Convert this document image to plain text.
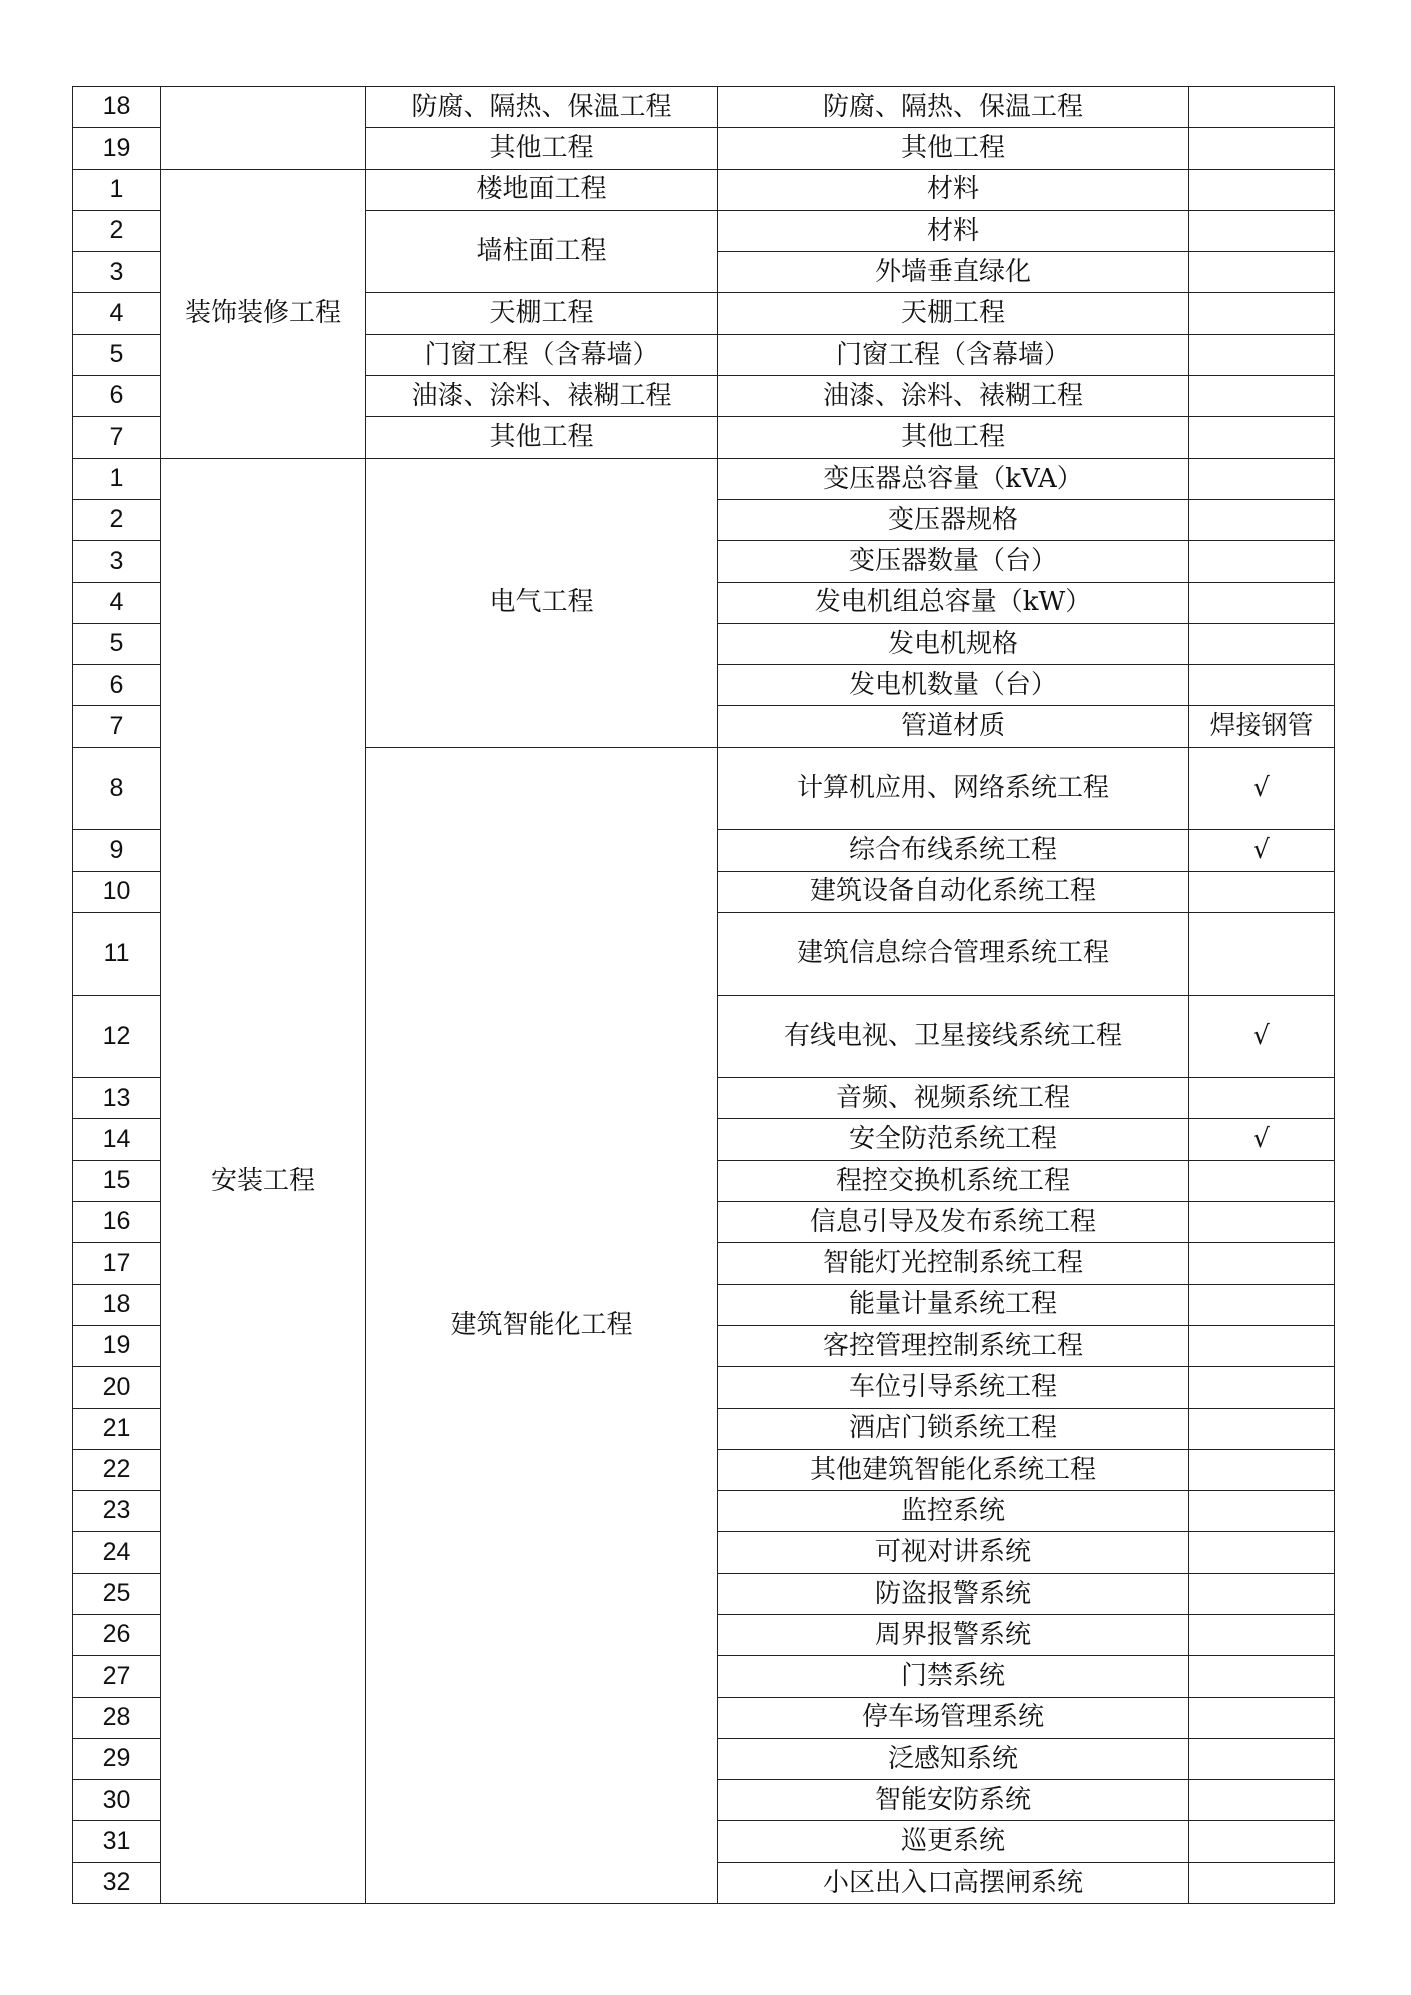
18		防腐、隔热、保温工程	防腐、隔热、保温工程	
19		其他工程	其他工程	
1	装饰装修工程	楼地面工程	材料	
2		墙柱面工程	材料	
3			外墙垂直绿化	
4		天棚工程	天棚工程	
5		门窗工程（含幕墙）	门窗工程（含幕墙）	
6		油漆、涂料、裱糊工程	油漆、涂料、裱糊工程	
7		其他工程	其他工程	
1	安装工程	电气工程	变压器总容量（kVA）	
2			变压器规格	
3			变压器数量（台）	
4			发电机组总容量（kW）	
5			发电机规格	
6			发电机数量（台）	
7			管道材质	焊接钢管
8		建筑智能化工程	计算机应用、网络系统工程	√
9			综合布线系统工程	√
10			建筑设备自动化系统工程	
11			建筑信息综合管理系统工程	
12			有线电视、卫星接线系统工程	√
13			音频、视频系统工程	
14			安全防范系统工程	√
15			程控交换机系统工程	
16			信息引导及发布系统工程	
17			智能灯光控制系统工程	
18			能量计量系统工程	
19			客控管理控制系统工程	
20			车位引导系统工程	
21			酒店门锁系统工程	
22			其他建筑智能化系统工程	
23			监控系统	
24			可视对讲系统	
25			防盗报警系统	
26			周界报警系统	
27			门禁系统	
28			停车场管理系统	
29			泛感知系统	
30			智能安防系统	
31			巡更系统	
32			小区出入口高摆闸系统	
